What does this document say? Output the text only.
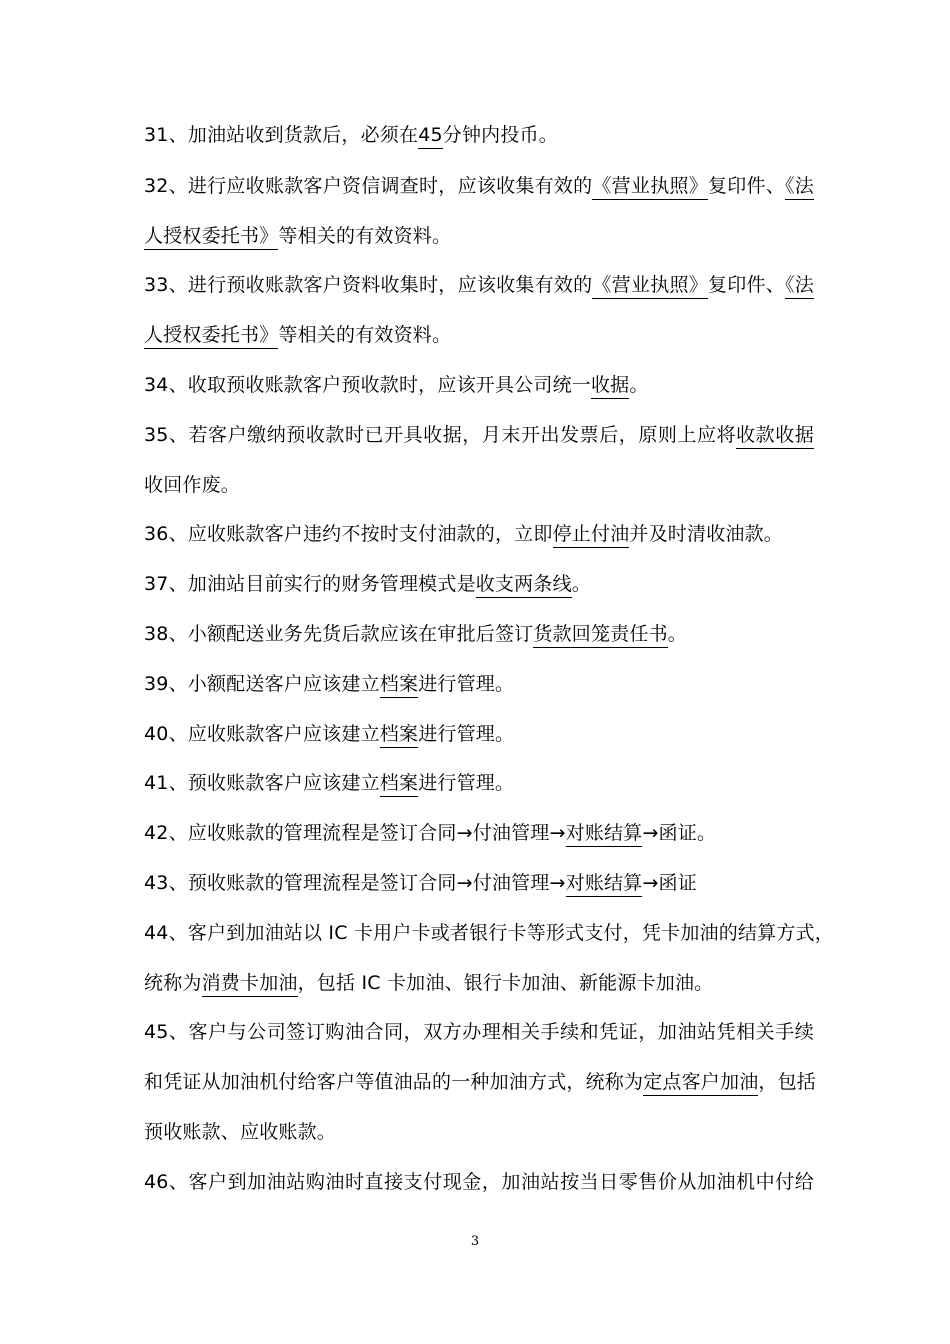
31、加油站收到货款后，必须在45分钟内投币。
32、进行应收账款客户资信调查时，应该收集有效的《营业执照》复印件、《法
人授权委托书》等相关的有效资料。
33、进行预收账款客户资料收集时，应该收集有效的《营业执照》复印件、《法
人授权委托书》等相关的有效资料。
34、收取预收账款客户预收款时，应该开具公司统一收据。
35、若客户缴纳预收款时已开具收据，月末开出发票后，原则上应将收款收据
收回作废。
36、应收账款客户违约不按时支付油款的，立即停止付油并及时清收油款。
37、加油站目前实行的财务管理模式是收支两条线。
38、小额配送业务先货后款应该在审批后签订货款回笼责任书。
39、小额配送客户应该建立档案进行管理。
40、应收账款客户应该建立档案进行管理。
41、预收账款客户应该建立档案进行管理。
42、应收账款的管理流程是签订合同→付油管理→对账结算→函证。
43、预收账款的管理流程是签订合同→付油管理→对账结算→函证
44、客户到加油站以 IC 卡用户卡或者银行卡等形式支付，凭卡加油的结算方式，
统称为消费卡加油，包括 IC 卡加油、银行卡加油、新能源卡加油。
45、客户与公司签订购油合同，双方办理相关手续和凭证，加油站凭相关手续
和凭证从加油机付给客户等值油品的一种加油方式，统称为定点客户加油，包括
预收账款、应收账款。
46、客户到加油站购油时直接支付现金，加油站按当日零售价从加油机中付给
3
